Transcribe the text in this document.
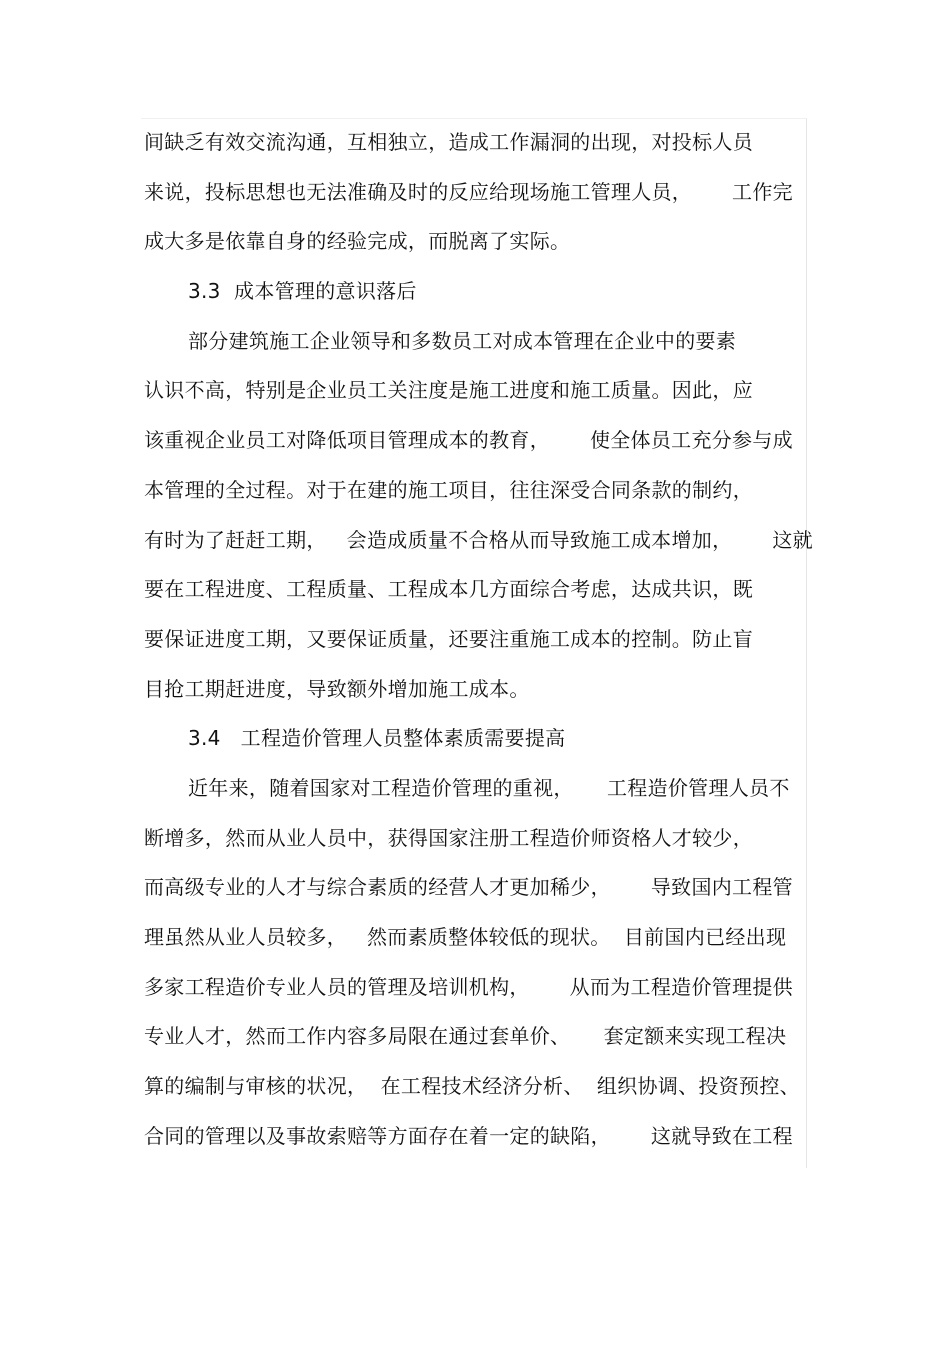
间缺乏有效交流沟通，互相独立，造成工作漏洞的出现，对投标人员
来说，投标思想也无法准确及时的反应给现场施工管理人员，      工作完
成大多是依靠自身的经验完成，而脱离了实际。
3.3  成本管理的意识落后
部分建筑施工企业领导和多数员工对成本管理在企业中的要素
认识不高，特别是企业员工关注度是施工进度和施工质量。因此，应
该重视企业员工对降低项目管理成本的教育，      使全体员工充分参与成
本管理的全过程。对于在建的施工项目，往往深受合同条款的制约，
有时为了赶赶工期，   会造成质量不合格从而导致施工成本增加，      这就
要在工程进度、工程质量、工程成本几方面综合考虑，达成共识，既
要保证进度工期，又要保证质量，还要注重施工成本的控制。防止盲
目抢工期赶进度，导致额外增加施工成本。
3.4   工程造价管理人员整体素质需要提高
近年来，随着国家对工程造价管理的重视，     工程造价管理人员不
断增多，然而从业人员中，获得国家注册工程造价师资格人才较少，
而高级专业的人才与综合素质的经营人才更加稀少，      导致国内工程管
理虽然从业人员较多，   然而素质整体较低的现状。  目前国内已经出现
多家工程造价专业人员的管理及培训机构，      从而为工程造价管理提供
专业人才，然而工作内容多局限在通过套单价、     套定额来实现工程决
算的编制与审核的状况，  在工程技术经济分析、  组织协调、投资预控、
合同的管理以及事故索赔等方面存在着一定的缺陷，      这就导致在工程
